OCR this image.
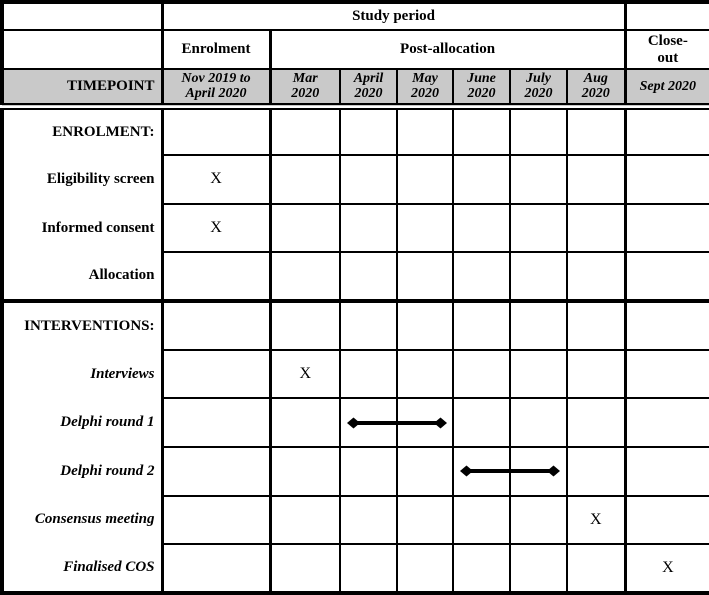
	Study period							
	Enrolment	Post-allocation						Close-out
TIMEPOINT	Nov 2019 to April 2020	Mar 2020	April 2020	May 2020	June 2020	July 2020	Aug 2020	Sept 2020
ENROLMENT:								
Eligibility screen	X							
Informed consent	X							
Allocation								
INTERVENTIONS:								
Interviews		X						
Delphi round 1			

Delphi round 2					

Consensus meeting							X	
Finalised COS								X
